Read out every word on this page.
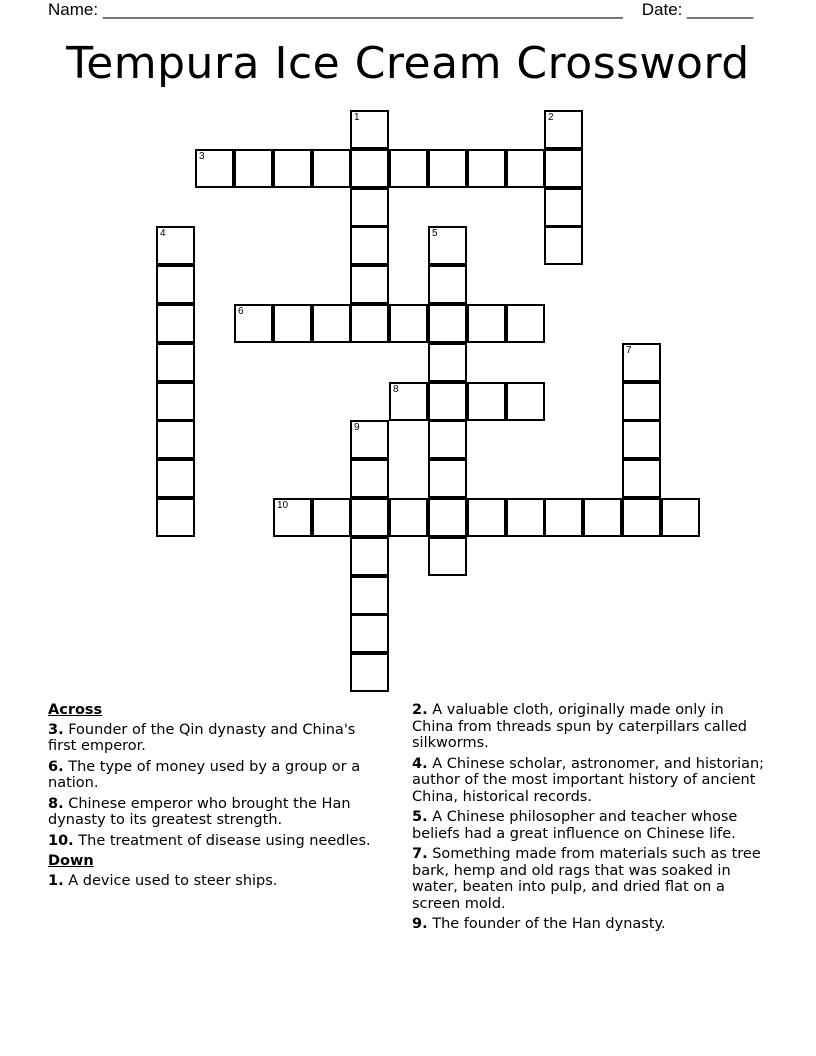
Name: _______________________________________________________ Date: _______
Tempura Ice Cream Crossword
3
6
8
10
1	2
4	5
7
9
Across
3. Founder of the Qin dynasty and China's first emperor.
6. The type of money used by a group or a nation.
8. Chinese emperor who brought the Han dynasty to its greatest strength.
10. The treatment of disease using needles.
Down
1. A device used to steer ships.
2. A valuable cloth, originally made only in China from threads spun by caterpillars called silkworms.
4. A Chinese scholar, astronomer, and historian; author of the most important history of ancient China, historical records.
5. A Chinese philosopher and teacher whose beliefs had a great influence on Chinese life.
7. Something made from materials such as tree bark, hemp and old rags that was soaked in water, beaten into pulp, and dried flat on a screen mold.
9. The founder of the Han dynasty.
